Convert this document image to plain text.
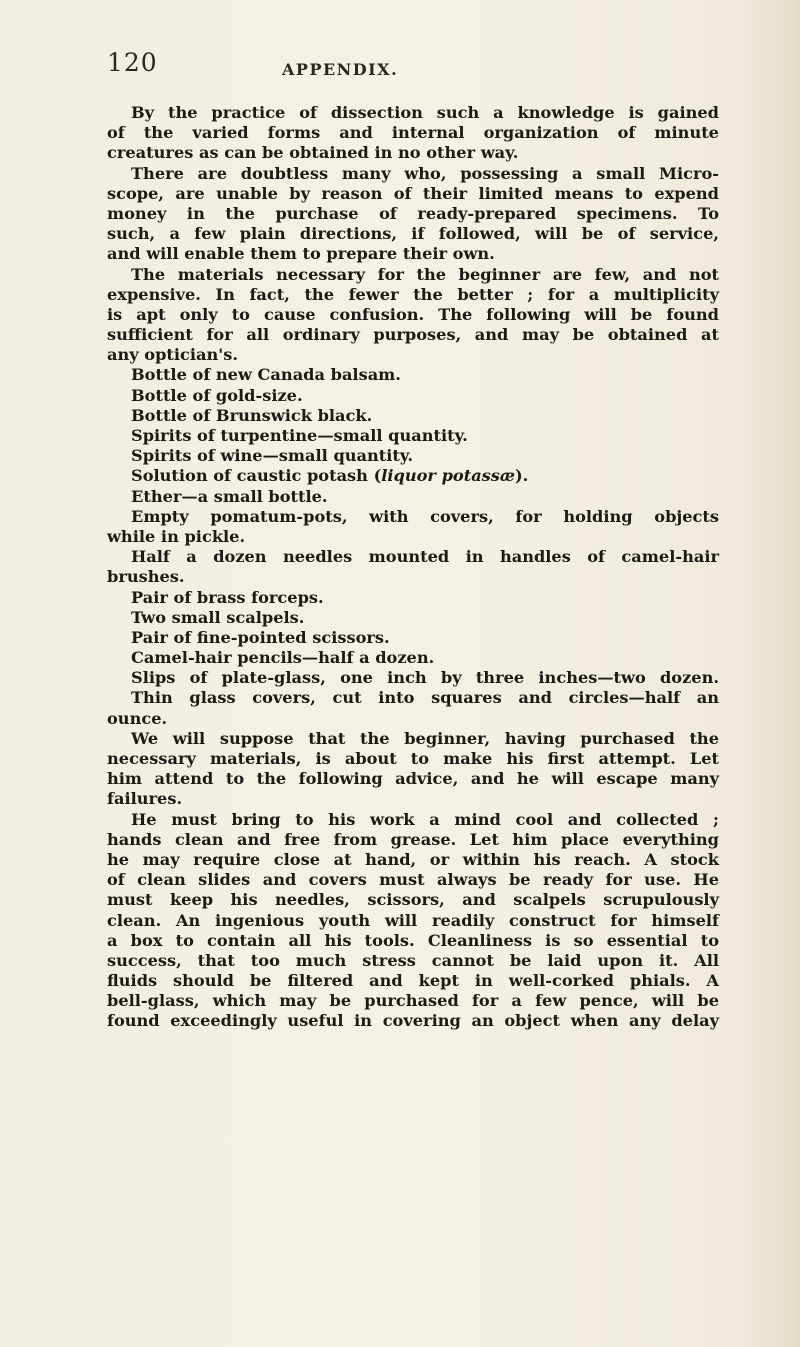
120	APPENDIX.
By the practice of dissection such a knowledge is gained
of the varied forms and internal organization of minute
creatures as can be obtained in no other way.
There are doubtless many who, possessing a small Micro-
scope, are unable by reason of their limited means to expend
money in the purchase of ready-prepared specimens. To
such, a few plain directions, if followed, will be of service,
and will enable them to prepare their own.
The materials necessary for the beginner are few, and not
expensive. In fact, the fewer the better ; for a multiplicity
is apt only to cause confusion. The following will be found
sufficient for all ordinary purposes, and may be obtained at
any optician's.
Bottle of new Canada balsam.
Bottle of gold-size.
Bottle of Brunswick black.
Spirits of turpentine—small quantity.
Spirits of wine—small quantity.
Solution of caustic potash (liquor potassæ).
Ether—a small bottle.
Empty pomatum-pots, with covers, for holding objects
while in pickle.
Half a dozen needles mounted in handles of camel-hair
brushes.
Pair of brass forceps.
Two small scalpels.
Pair of fine-pointed scissors.
Camel-hair pencils—half a dozen.
Slips of plate-glass, one inch by three inches—two dozen.
Thin glass covers, cut into squares and circles—half an
ounce.
We will suppose that the beginner, having purchased the
necessary materials, is about to make his first attempt. Let
him attend to the following advice, and he will escape many
failures.
He must bring to his work a mind cool and collected ;
hands clean and free from grease. Let him place everything
he may require close at hand, or within his reach. A stock
of clean slides and covers must always be ready for use. He
must keep his needles, scissors, and scalpels scrupulously
clean. An ingenious youth will readily construct for himself
a box to contain all his tools. Cleanliness is so essential to
success, that too much stress cannot be laid upon it. All
fluids should be filtered and kept in well-corked phials. A
bell-glass, which may be purchased for a few pence, will be
found exceedingly useful in covering an object when any delay
